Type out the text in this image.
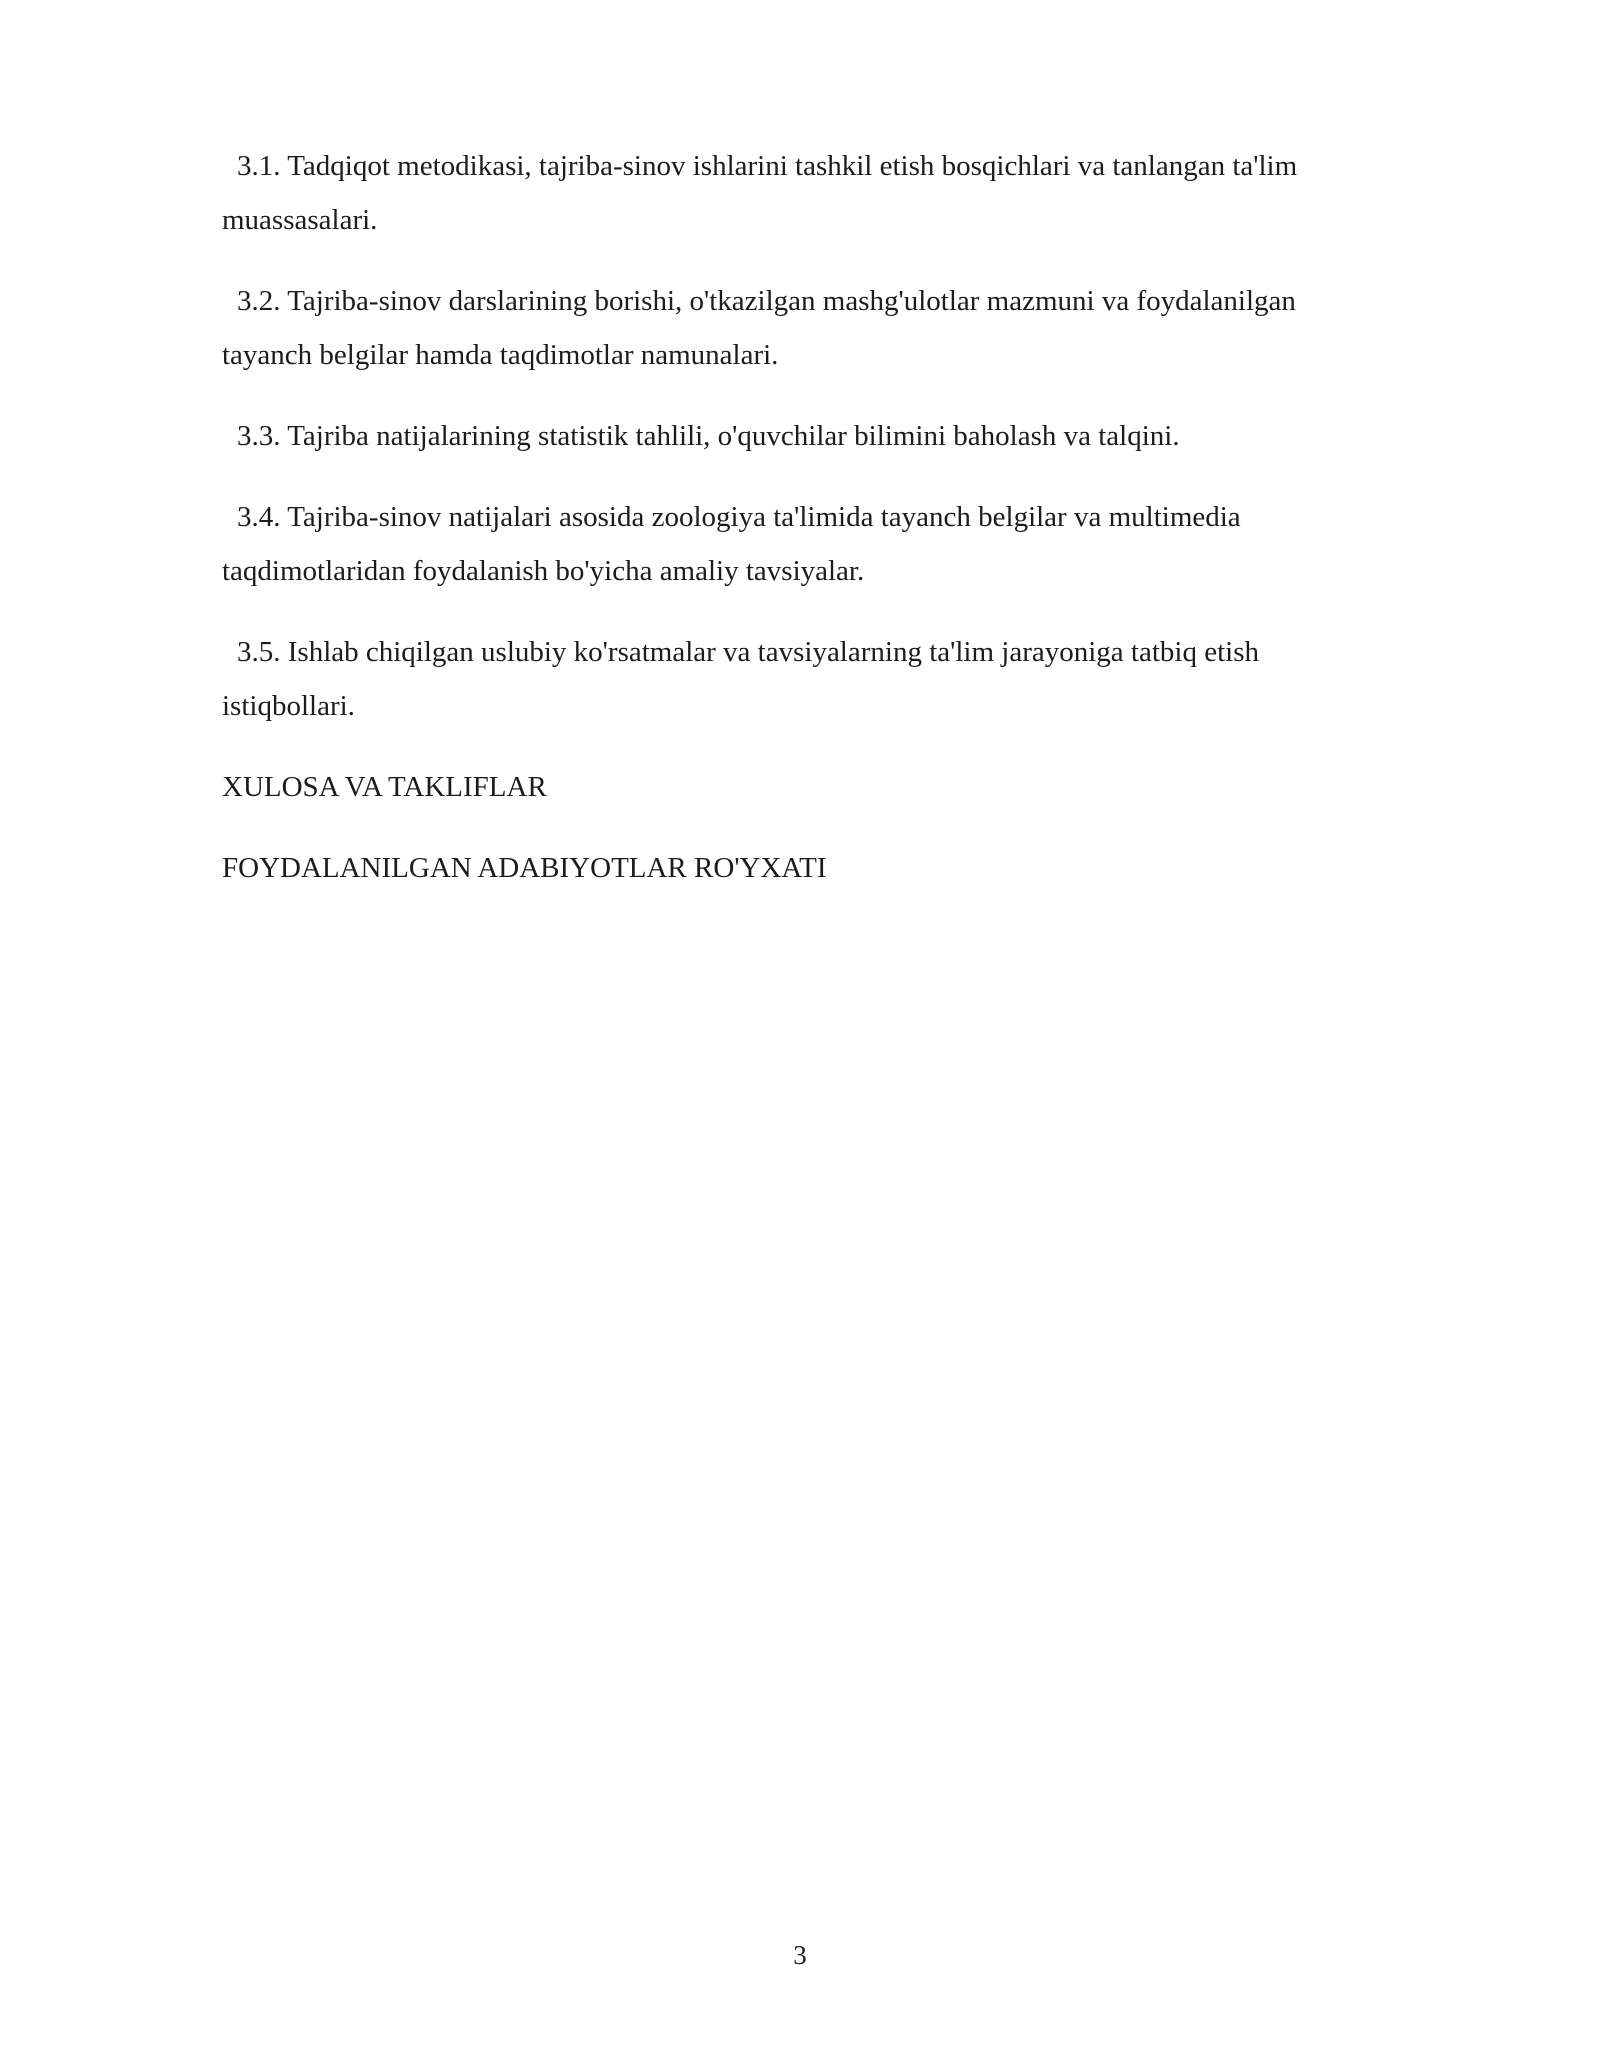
3.1. Tadqiqot metodikasi, tajriba-sinov ishlarini tashkil etish bosqichlari va tanlangan ta'lim
muassasalari.

3.2. Tajriba-sinov darslarining borishi, o'tkazilgan mashg'ulotlar mazmuni va foydalanilgan
tayanch belgilar hamda taqdimotlar namunalari.

3.3. Tajriba natijalarining statistik tahlili, o'quvchilar bilimini baholash va talqini.

3.4. Tajriba-sinov natijalari asosida zoologiya ta'limida tayanch belgilar va multimedia
taqdimotlaridan foydalanish bo'yicha amaliy tavsiyalar.

3.5. Ishlab chiqilgan uslubiy ko'rsatmalar va tavsiyalarning ta'lim jarayoniga tatbiq etish
istiqbollari.

XULOSA VA TAKLIFLAR

FOYDALANILGAN ADABIYOTLAR RO'YXATI

3
